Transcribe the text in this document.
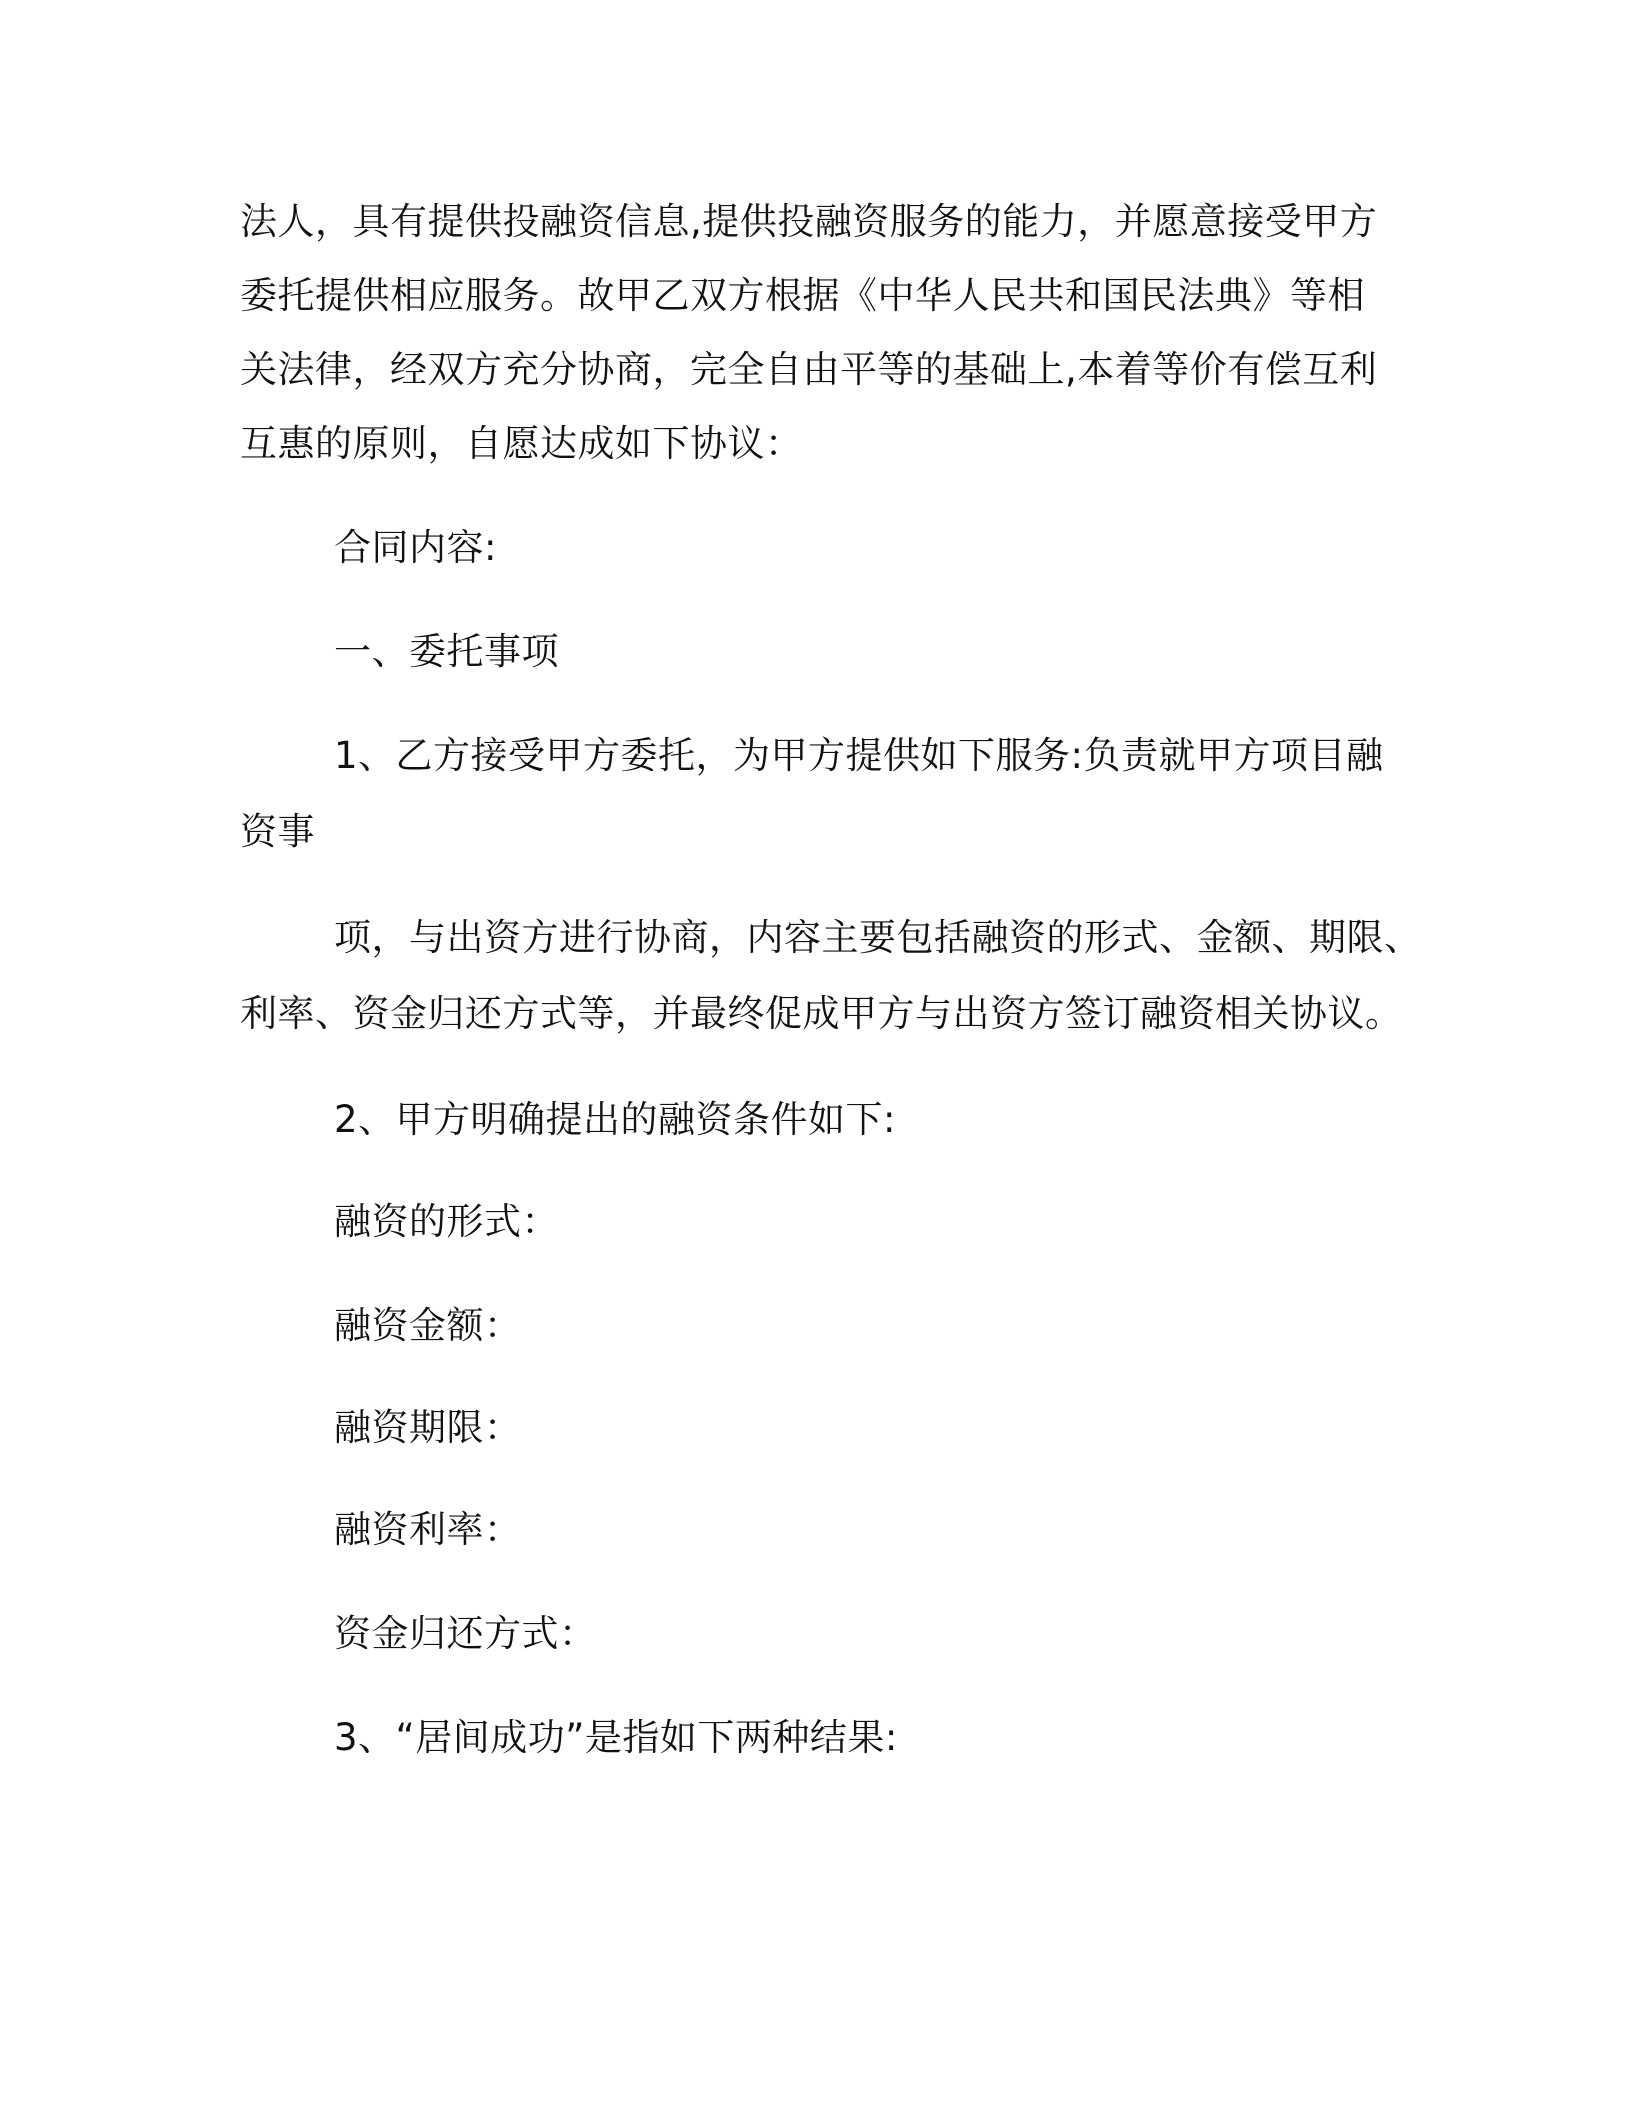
法人，具有提供投融资信息,提供投融资服务的能力，并愿意接受甲方
委托提供相应服务。故甲乙双方根据《中华人民共和国民法典》等相
关法律，经双方充分协商，完全自由平等的基础上,本着等价有偿互利
互惠的原则，自愿达成如下协议：
合同内容:
一、委托事项
1、乙方接受甲方委托，为甲方提供如下服务:负责就甲方项目融
资事
项，与出资方进行协商，内容主要包括融资的形式、金额、期限、
利率、资金归还方式等，并最终促成甲方与出资方签订融资相关协议。
2、甲方明确提出的融资条件如下:
融资的形式：
融资金额：
融资期限：
融资利率：
资金归还方式：
3、“居间成功”是指如下两种结果:
